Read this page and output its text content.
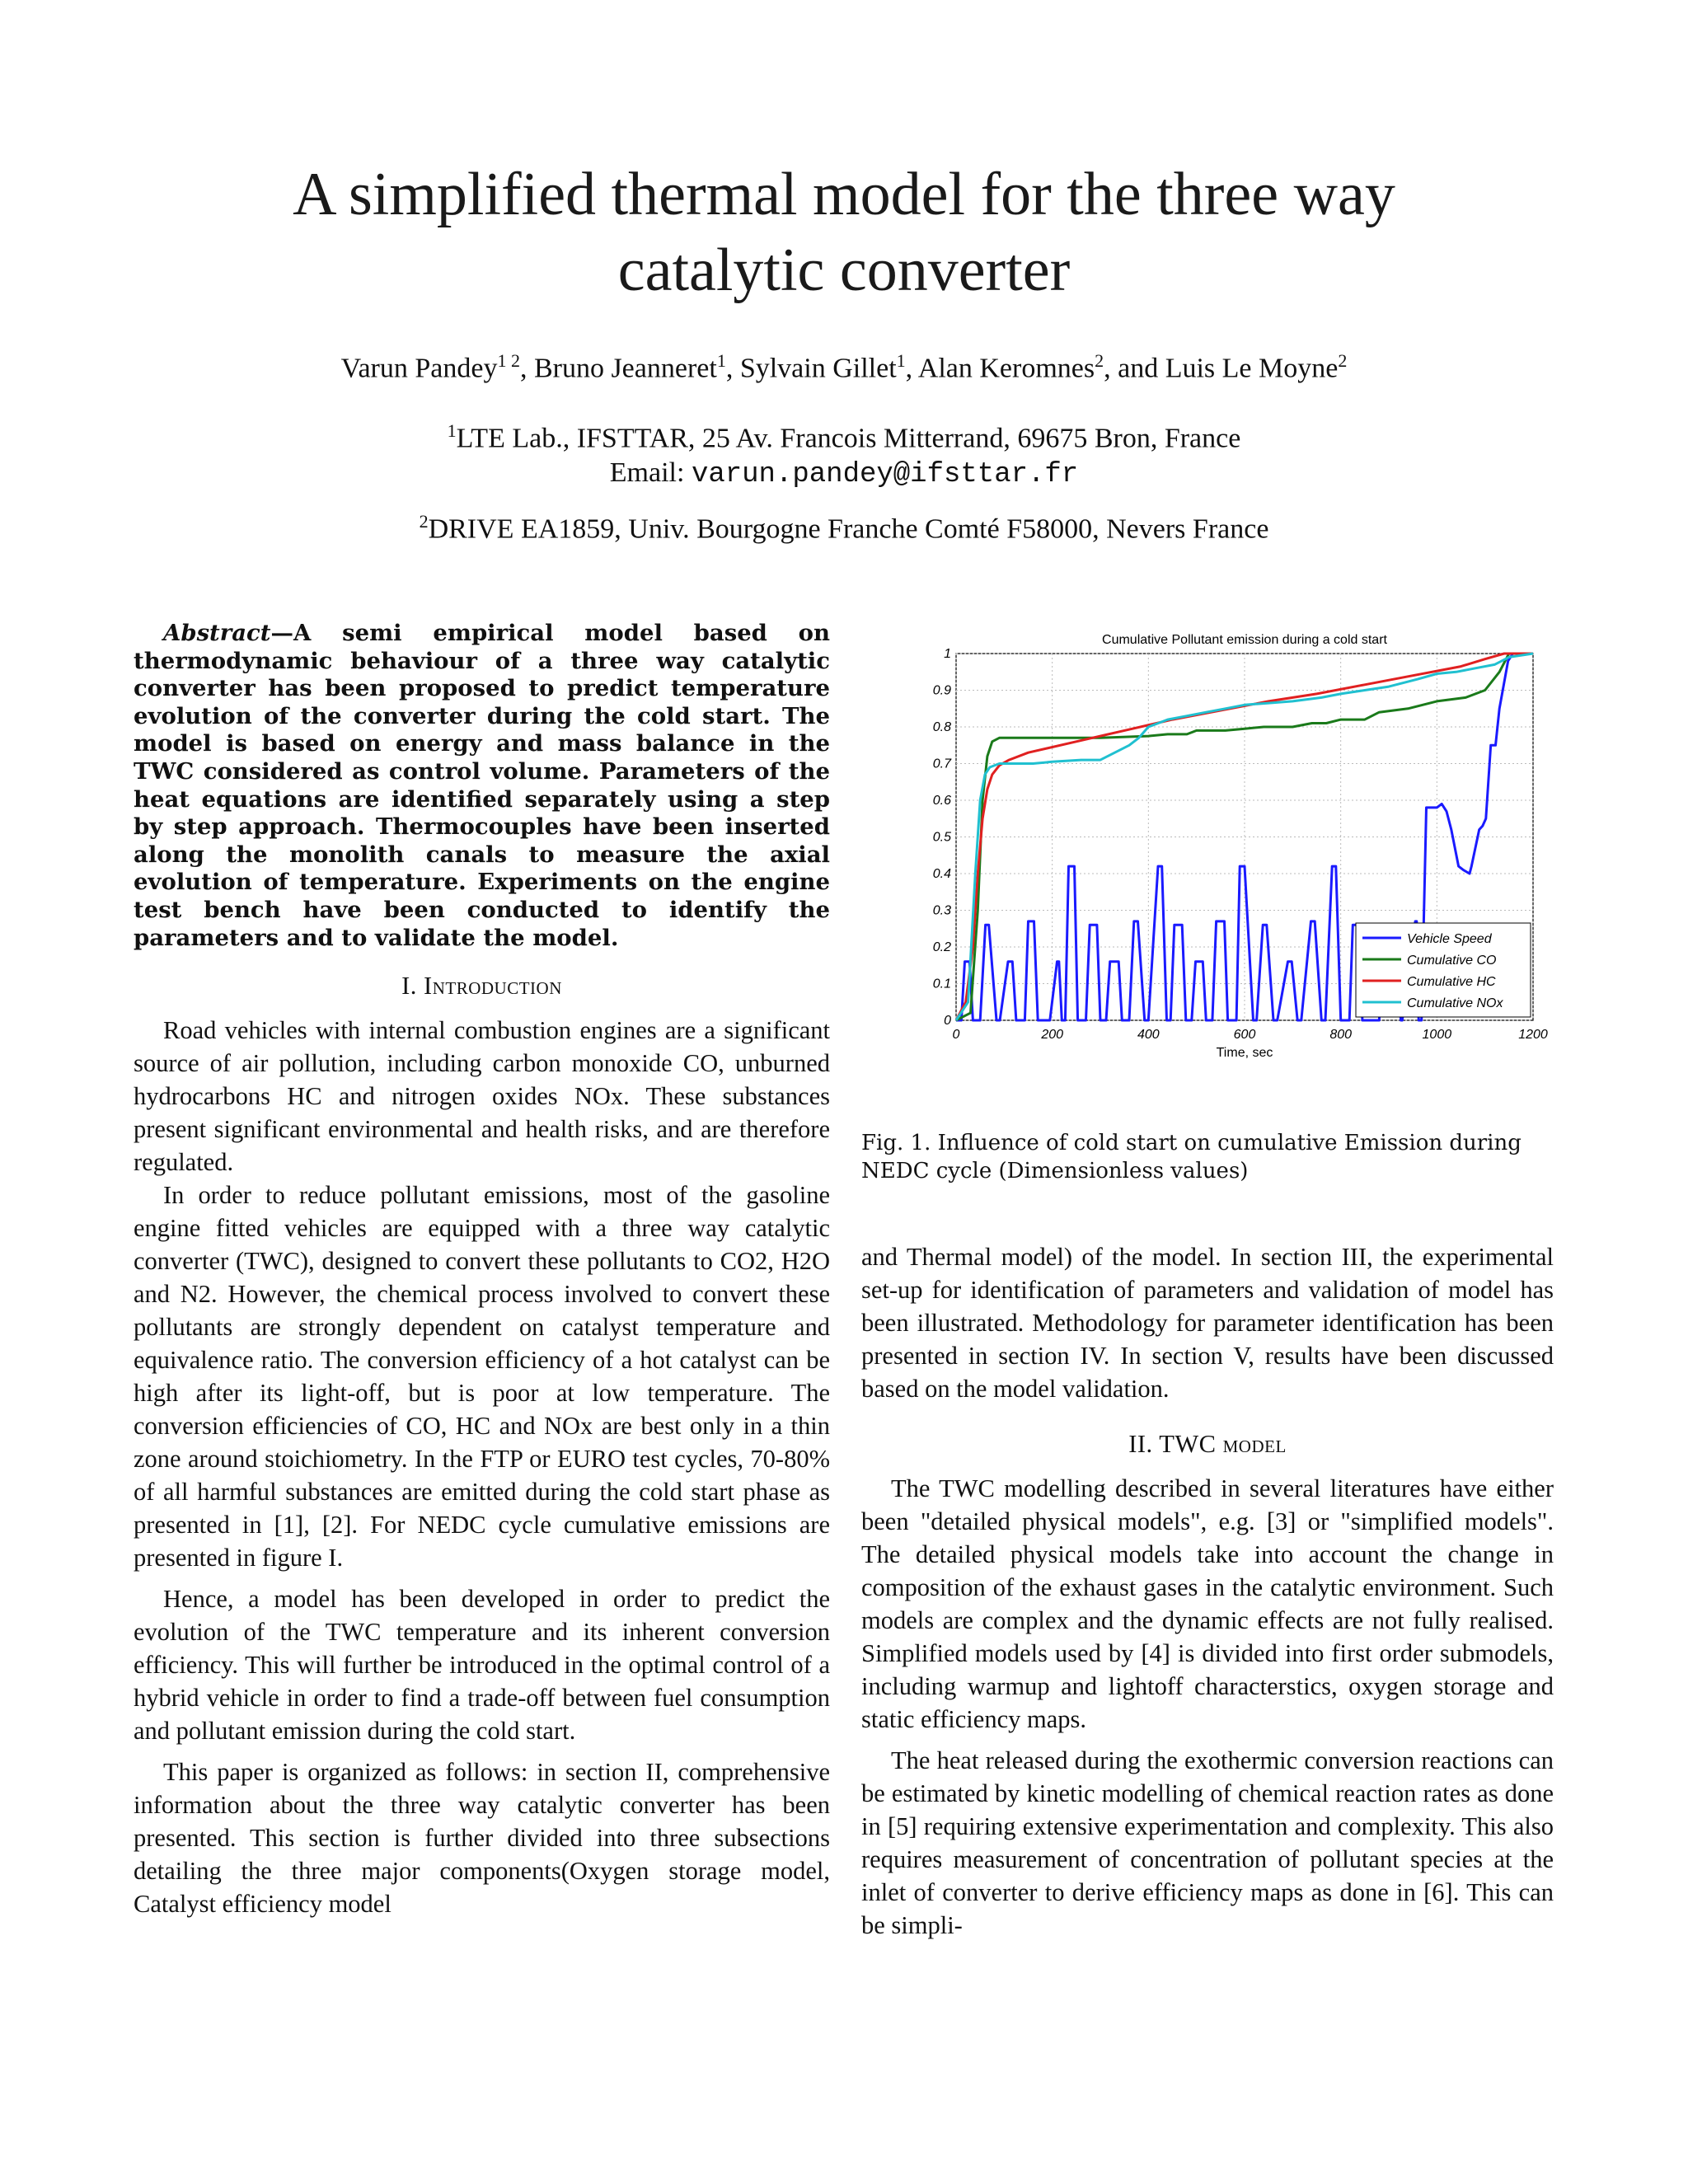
A simplified thermal model for the three way
catalytic converter
Varun Pandey$^{1 2}$, Bruno Jeanneret$^1$, Sylvain Gillet$^1$, Alan Keromnes$^2$, and Luis Le Moyne$^2$
$^1$LTE Lab., IFSTTAR, 25 Av. Francois Mitterrand, 69675 Bron, France
Email: varun.pandey@ifsttar.fr
$^2$DRIVE EA1859, Univ. Bourgogne Franche Comté F58000, Nevers France
Abstract—A semi empirical model based on thermodynamic behaviour of a three way catalytic converter has been proposed to predict temperature evolution of the converter during the cold start. The model is based on energy and mass balance in the TWC considered as control volume. Parameters of the heat equations are identified separately using a step by step approach. Thermocouples have been inserted along the monolith canals to measure the axial evolution of temperature. Experiments on the engine test bench have been conducted to identify the parameters and to validate the model.
I. Introduction

Road vehicles with internal combustion engines are a significant source of air pollution, including carbon monoxide CO, unburned hydrocarbons HC and nitrogen oxides NOx. These substances present significant environmental and health risks, and are therefore regulated.

In order to reduce pollutant emissions, most of the gasoline engine fitted vehicles are equipped with a three way catalytic converter (TWC), designed to convert these pollutants to CO2, H2O and N2. However, the chemical process involved to convert these pollutants are strongly dependent on catalyst temperature and equivalence ratio. The conversion efficiency of a hot catalyst can be high after its light-off, but is poor at low temperature. The conversion efficiencies of CO, HC and NOx are best only in a thin zone around stoichiometry. In the FTP or EURO test cycles, 70-80% of all harmful substances are emitted during the cold start phase as presented in [1], [2]. For NEDC cycle cumulative emissions are presented in figure I.

Hence, a model has been developed in order to predict the evolution of the TWC temperature and its inherent conversion efficiency. This will further be introduced in the optimal control of a hybrid vehicle in order to find a trade-off between fuel consumption and pollutant emission during the cold start.

This paper is organized as follows: in section II, comprehensive information about the three way catalytic converter has been presented. This section is further divided into three subsections detailing the three major components(Oxygen storage model, Catalyst efficiency model

0	200	400	600	800	1000	1200
0
0.1
0.2
0.3
0.4
0.5
0.6
0.7
0.8
0.9
1
Cumulative Pollutant emission during a cold start
Time, sec
Vehicle Speed
Cumulative CO
Cumulative HC
Cumulative NOx
Fig. 1. Influence of cold start on cumulative Emission during NEDC cycle (Dimensionless values)

and Thermal model) of the model. In section III, the experimental set-up for identification of parameters and validation of model has been illustrated. Methodology for parameter identification has been presented in section IV. In section V, results have been discussed based on the model validation.

II. TWC model

The TWC modelling described in several literatures have either been "detailed physical models", e.g. [3] or "simplified models". The detailed physical models take into account the change in composition of the exhaust gases in the catalytic environment. Such models are complex and the dynamic effects are not fully realised. Simplified models used by [4] is divided into first order submodels, including warmup and lightoff characterstics, oxygen storage and static efficiency maps.

The heat released during the exothermic conversion reactions can be estimated by kinetic modelling of chemical reaction rates as done in [5] requiring extensive experimentation and complexity. This also requires measurement of concentration of pollutant species at the inlet of converter to derive efficiency maps as done in [6]. This can be simpli-
